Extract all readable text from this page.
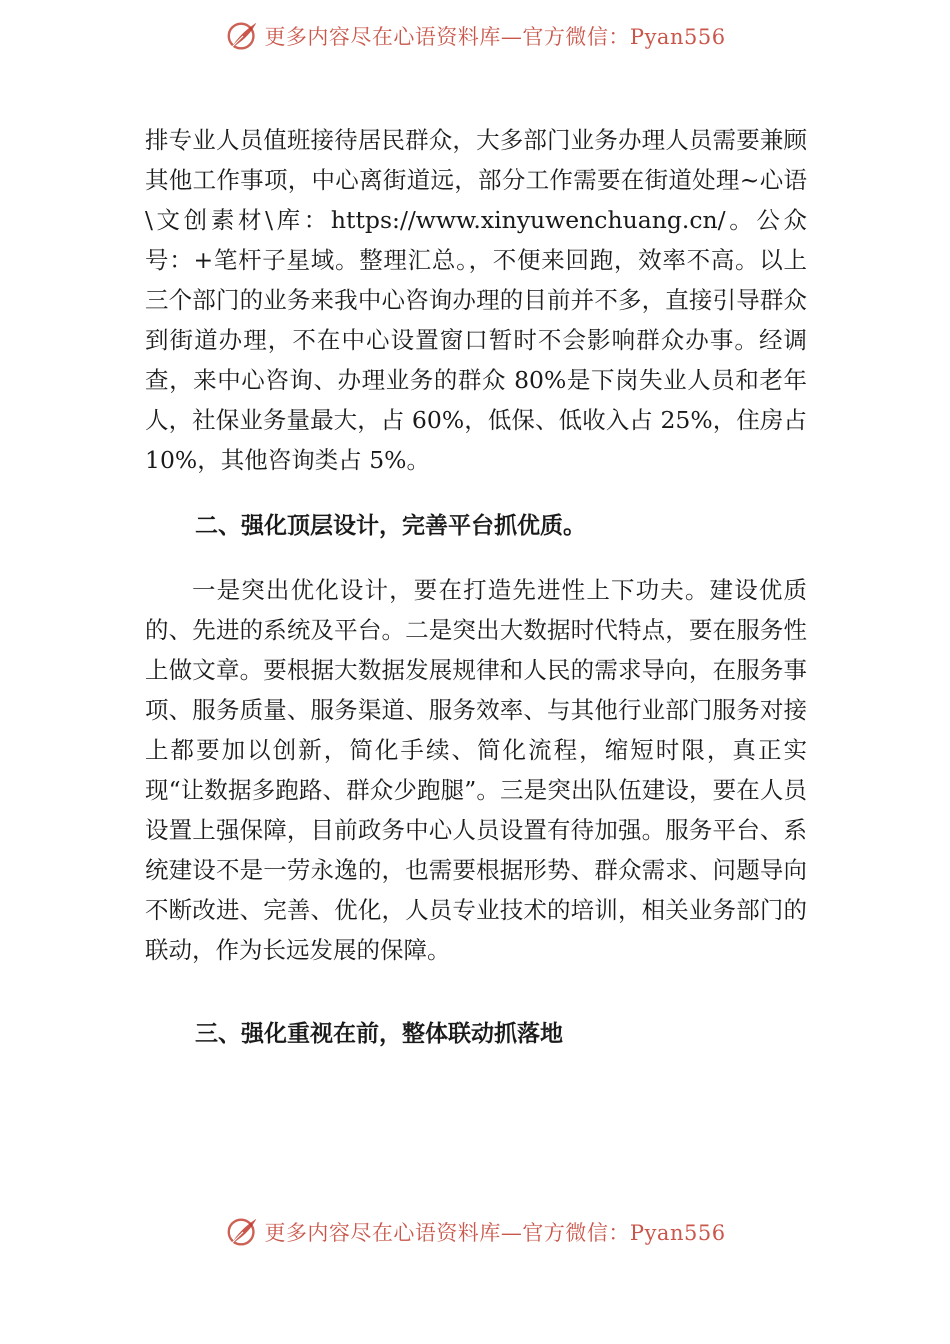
更多内容尽在心语资料库—官方微信：Pyan556

排专业人员值班接待居民群众，大多部门业务办理人员需要兼顾其他工作事项，中心离街道远，部分工作需要在街道处理~心语\文创素材\库：https://www.xinyuwenchuang.cn/。公众号：+笔杆子星域。整理汇总。，不便来回跑，效率不高。以上三个部门的业务来我中心咨询办理的目前并不多，直接引导群众到街道办理，不在中心设置窗口暂时不会影响群众办事。经调查，来中心咨询、办理业务的群众 80%是下岗失业人员和老年人，社保业务量最大，占 60%，低保、低收入占 25%，住房占 10%，其他咨询类占 5%。

二、强化顶层设计，完善平台抓优质。

一是突出优化设计，要在打造先进性上下功夫。建设优质的、先进的系统及平台。二是突出大数据时代特点，要在服务性上做文章。要根据大数据发展规律和人民的需求导向，在服务事项、服务质量、服务渠道、服务效率、与其他行业部门服务对接上都要加以创新，简化手续、简化流程，缩短时限，真正实现“让数据多跑路、群众少跑腿”。三是突出队伍建设，要在人员设置上强保障，目前政务中心人员设置有待加强。服务平台、系统建设不是一劳永逸的，也需要根据形势、群众需求、问题导向不断改进、完善、优化，人员专业技术的培训，相关业务部门的联动，作为长远发展的保障。

三、强化重视在前，整体联动抓落地

更多内容尽在心语资料库—官方微信：Pyan556
